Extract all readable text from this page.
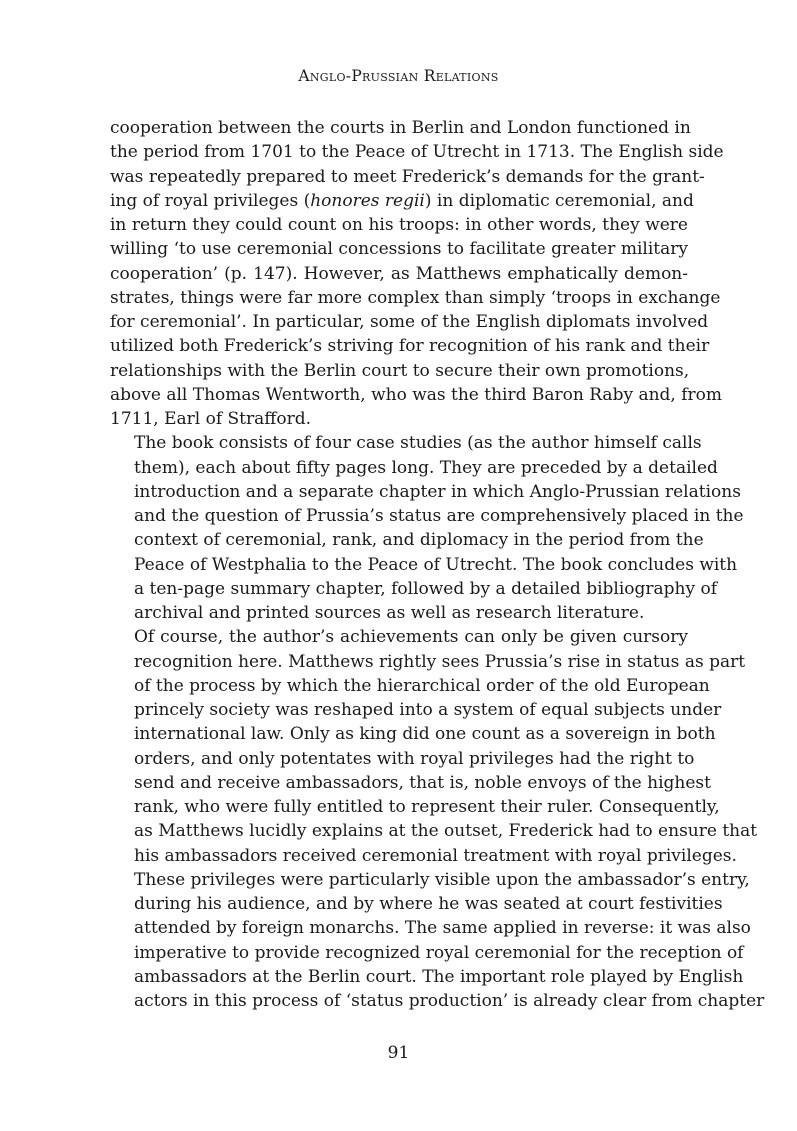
Anglo-Prussian Relations

cooperation between the courts in Berlin and London functioned in
the period from 1701 to the Peace of Utrecht in 1713. The English side
was repeatedly prepared to meet Frederick’s demands for the grant-
ing of royal privileges (honores regii) in diplomatic ceremonial, and
in return they could count on his troops: in other words, they were
willing ‘to use ceremonial concessions to facilitate greater military
cooperation’ (p. 147). However, as Matthews emphatically demon-
strates, things were far more complex than simply ‘troops in exchange
for ceremonial’. In particular, some of the English diplomats involved
utilized both Frederick’s striving for recognition of his rank and their
relationships with the Berlin court to secure their own promotions,
above all Thomas Wentworth, who was the third Baron Raby and, from
1711, Earl of Strafford.

The book consists of four case studies (as the author himself calls
them), each about fifty pages long. They are preceded by a detailed
introduction and a separate chapter in which Anglo-Prussian relations
and the question of Prussia’s status are comprehensively placed in the
context of ceremonial, rank, and diplomacy in the period from the
Peace of Westphalia to the Peace of Utrecht. The book concludes with
a ten-page summary chapter, followed by a detailed bibliography of
archival and printed sources as well as research literature.

Of course, the author’s achievements can only be given cursory
recognition here. Matthews rightly sees Prussia’s rise in status as part
of the process by which the hierarchical order of the old European
princely society was reshaped into a system of equal subjects under
international law. Only as king did one count as a sovereign in both
orders, and only potentates with royal privileges had the right to
send and receive ambassadors, that is, noble envoys of the highest
rank, who were fully entitled to represent their ruler. Consequently,
as Matthews lucidly explains at the outset, Frederick had to ensure that
his ambassadors received ceremonial treatment with royal privileges.
These privileges were particularly visible upon the ambassador’s entry,
during his audience, and by where he was seated at court festivities
attended by foreign monarchs. The same applied in reverse: it was also
imperative to provide recognized royal ceremonial for the reception of
ambassadors at the Berlin court. The important role played by English
actors in this process of ‘status production’ is already clear from chapter

91
